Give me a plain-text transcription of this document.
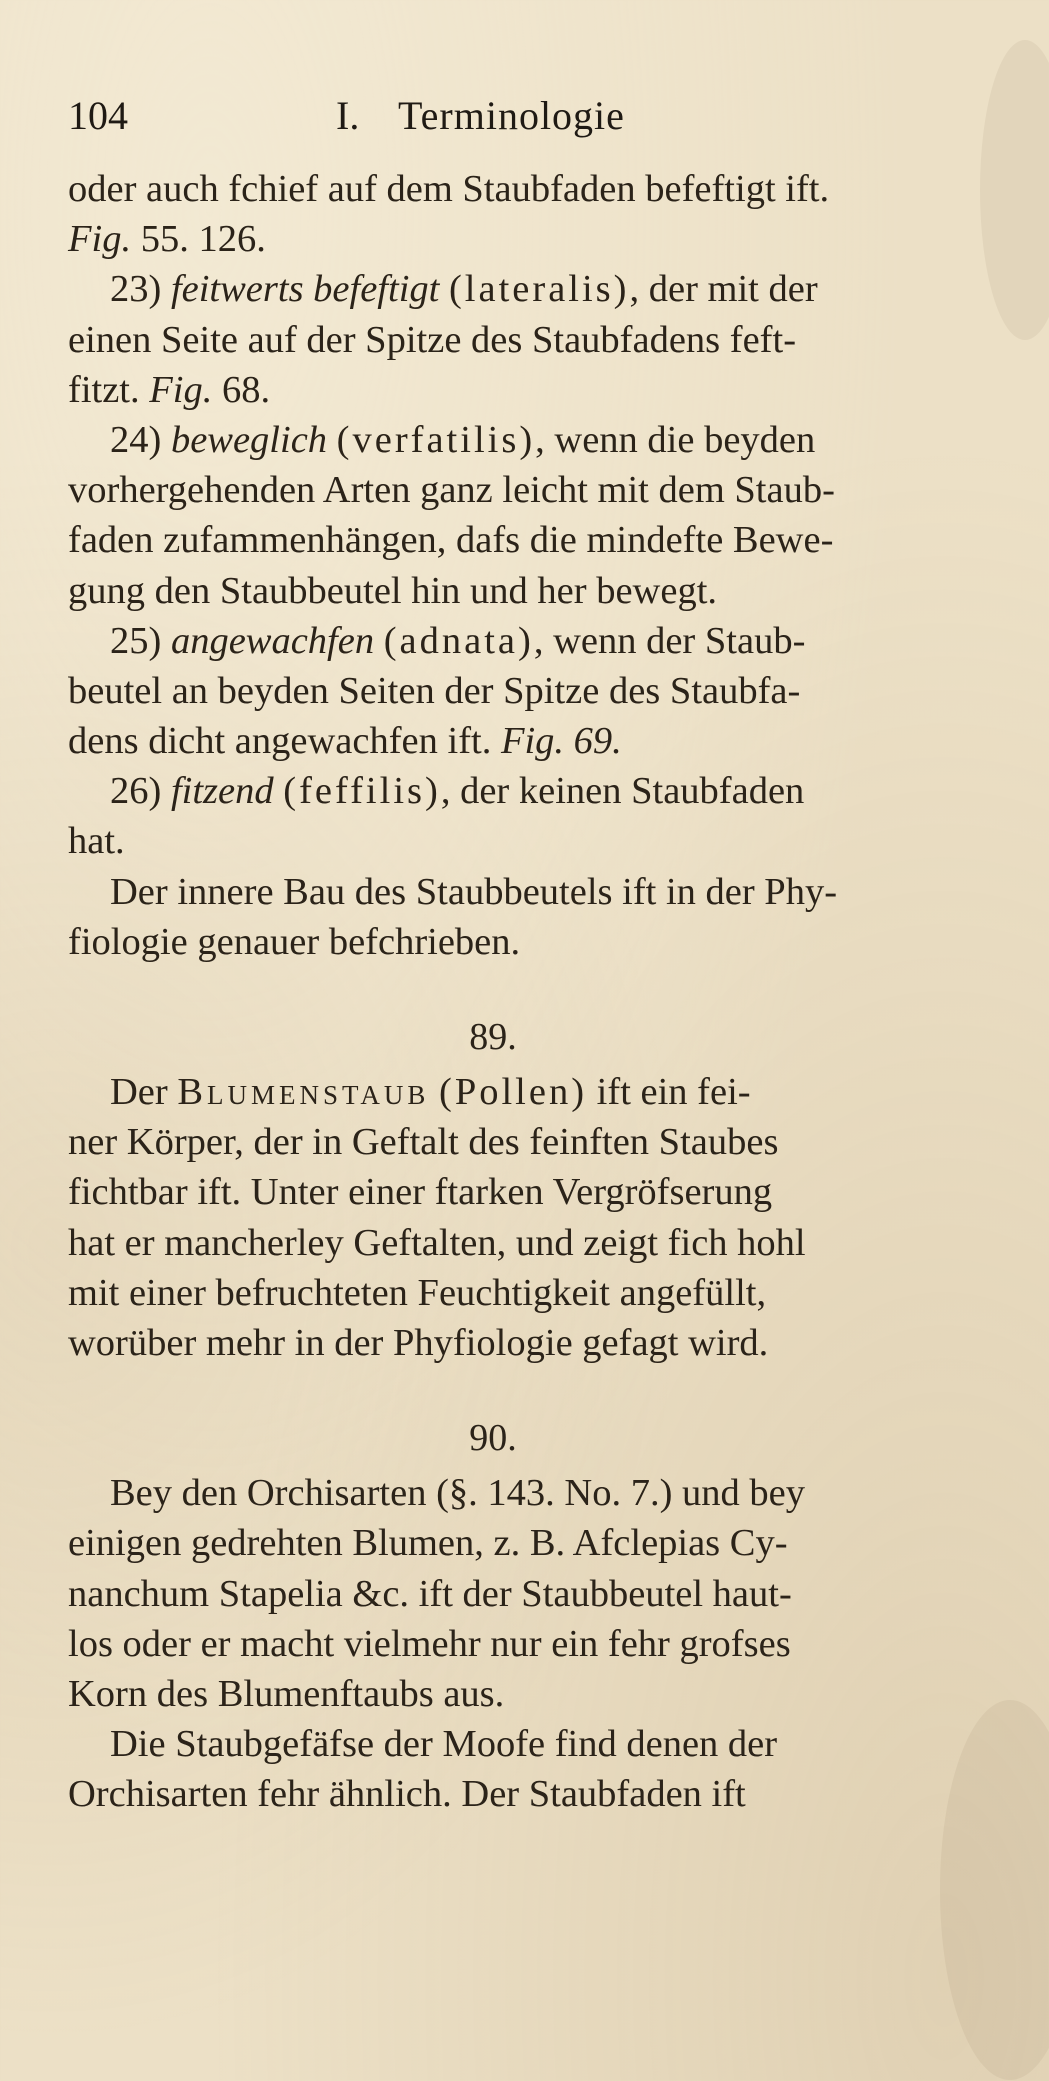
104	I. Terminologie
oder auch fchief auf dem Staubfaden befeftigt ift.
Fig. 55. 126.
23) feitwerts befeftigt (lateralis), der mit der
einen Seite auf der Spitze des Staubfadens feft-
fitzt. Fig. 68.
24) beweglich (verfatilis), wenn die beyden
vorhergehenden Arten ganz leicht mit dem Staub-
faden zufammenhängen, dafs die mindefte Bewe-
gung den Staubbeutel hin und her bewegt.
25) angewachfen (adnata), wenn der Staub-
beutel an beyden Seiten der Spitze des Staubfa-
dens dicht angewachfen ift. Fig. 69.
26) fitzend (feffilis), der keinen Staubfaden
hat.
Der innere Bau des Staubbeutels ift in der Phy-
fiologie genauer befchrieben.
89.
Der Blumenstaub (Pollen) ift ein fei-
ner Körper, der in Geftalt des feinften Staubes
fichtbar ift. Unter einer ftarken Vergröfserung
hat er mancherley Geftalten, und zeigt fich hohl
mit einer befruchteten Feuchtigkeit angefüllt,
worüber mehr in der Phyfiologie gefagt wird.
90.
Bey den Orchisarten (§. 143. No. 7.) und bey
einigen gedrehten Blumen, z. B. Afclepias Cy-
nanchum Stapelia &c. ift der Staubbeutel haut-
los oder er macht vielmehr nur ein fehr grofses
Korn des Blumenftaubs aus.
Die Staubgefäfse der Moofe find denen der
Orchisarten fehr ähnlich. Der Staubfaden ift
